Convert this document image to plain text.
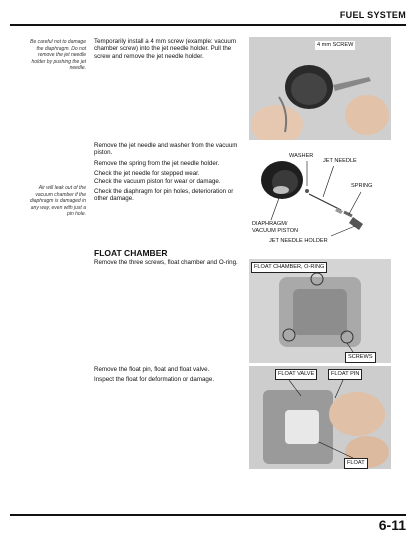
FUEL SYSTEM
Be careful not to damage the diaphragm. Do not remove the jet needle holder by pushing the jet needle.
Air will leak out of the vacuum chamber if the diaphragm is damaged in any way, even with just a pin hole.
Temporarily install a 4 mm screw (example: vacuum chamber screw) into the jet needle holder. Pull the screw and remove the jet needle holder.

Remove the jet needle and washer from the vacuum piston.

Remove the spring from the jet needle holder.

Check the jet needle for stepped wear.

Check the vacuum piston for wear or damage.

Check the diaphragm for pin holes, deterioration or other damage.

FLOAT CHAMBER
Remove the three screws, float chamber and O-ring.

Remove the float pin, float and float valve.

Inspect the float for deformation or damage.

4 mm SCREW
WASHER
JET NEEDLE
SPRING
DIAPHRAGM/ VACUUM PISTON
JET NEEDLE HOLDER
FLOAT CHAMBER, O-RING
SCREWS
FLOAT VALVE	FLOAT PIN
FLOAT
6-11
